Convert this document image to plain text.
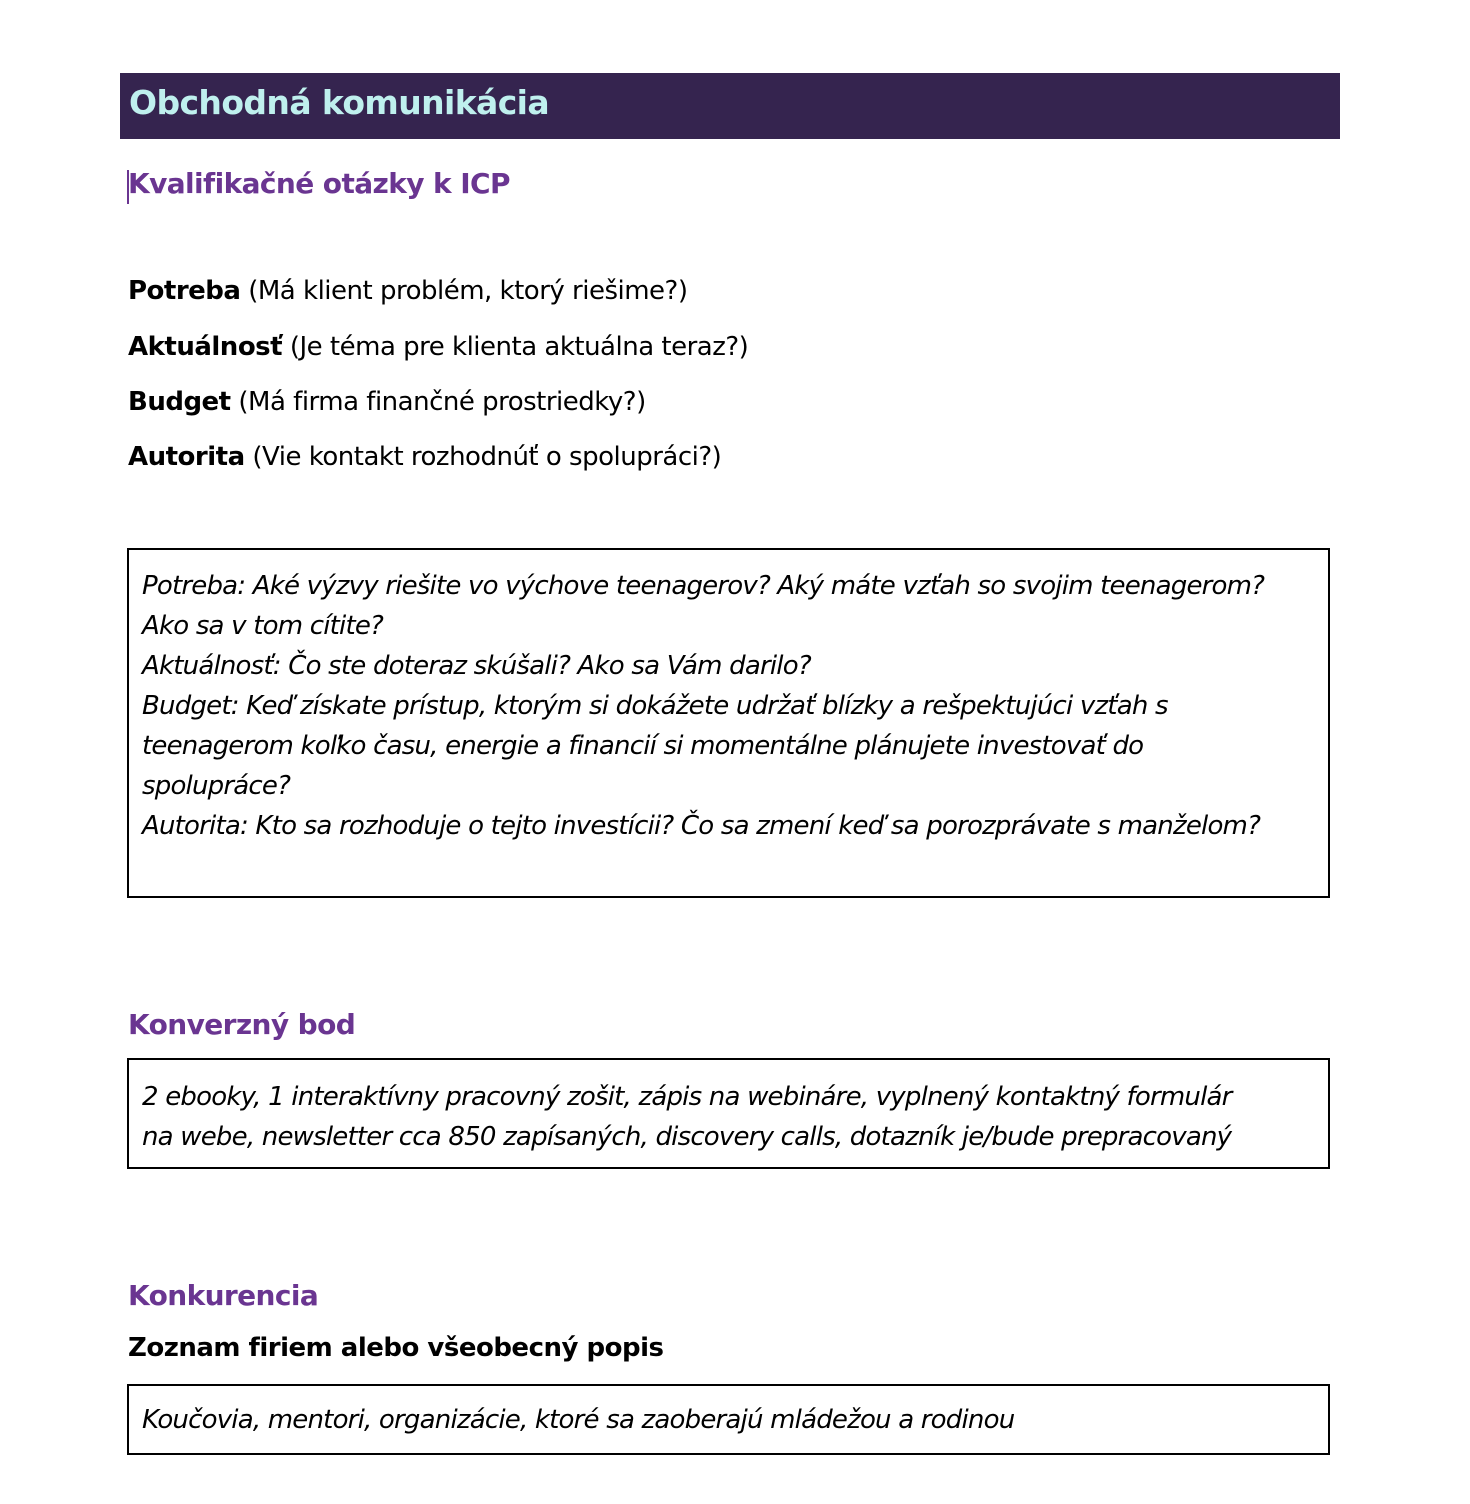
Obchodná komunikácia
Kvalifikačné otázky k ICP
Potreba (Má klient problém, ktorý riešime?)
Aktuálnosť (Je téma pre klienta aktuálna teraz?)
Budget (Má firma finančné prostriedky?)
Autorita (Vie kontakt rozhodnúť o spolupráci?)
Potreba: Aké výzvy riešite vo výchove teenagerov? Aký máte vzťah so svojim teenagerom?
Ako sa v tom cítite?
Aktuálnosť: Čo ste doteraz skúšali? Ako sa Vám darilo?
Budget: Keď získate prístup, ktorým si dokážete udržať blízky a rešpektujúci vzťah s
teenagerom koľko času, energie a financií si momentálne plánujete investovať do
spolupráce?
Autorita: Kto sa rozhoduje o tejto investícii? Čo sa zmení keď sa porozprávate s manželom?
Konverzný bod
2 ebooky, 1 interaktívny pracovný zošit, zápis na webináre, vyplnený kontaktný formulár
na webe, newsletter cca 850 zapísaných, discovery calls, dotazník je/bude prepracovaný
Konkurencia
Zoznam firiem alebo všeobecný popis
Koučovia, mentori, organizácie, ktoré sa zaoberajú mládežou a rodinou
